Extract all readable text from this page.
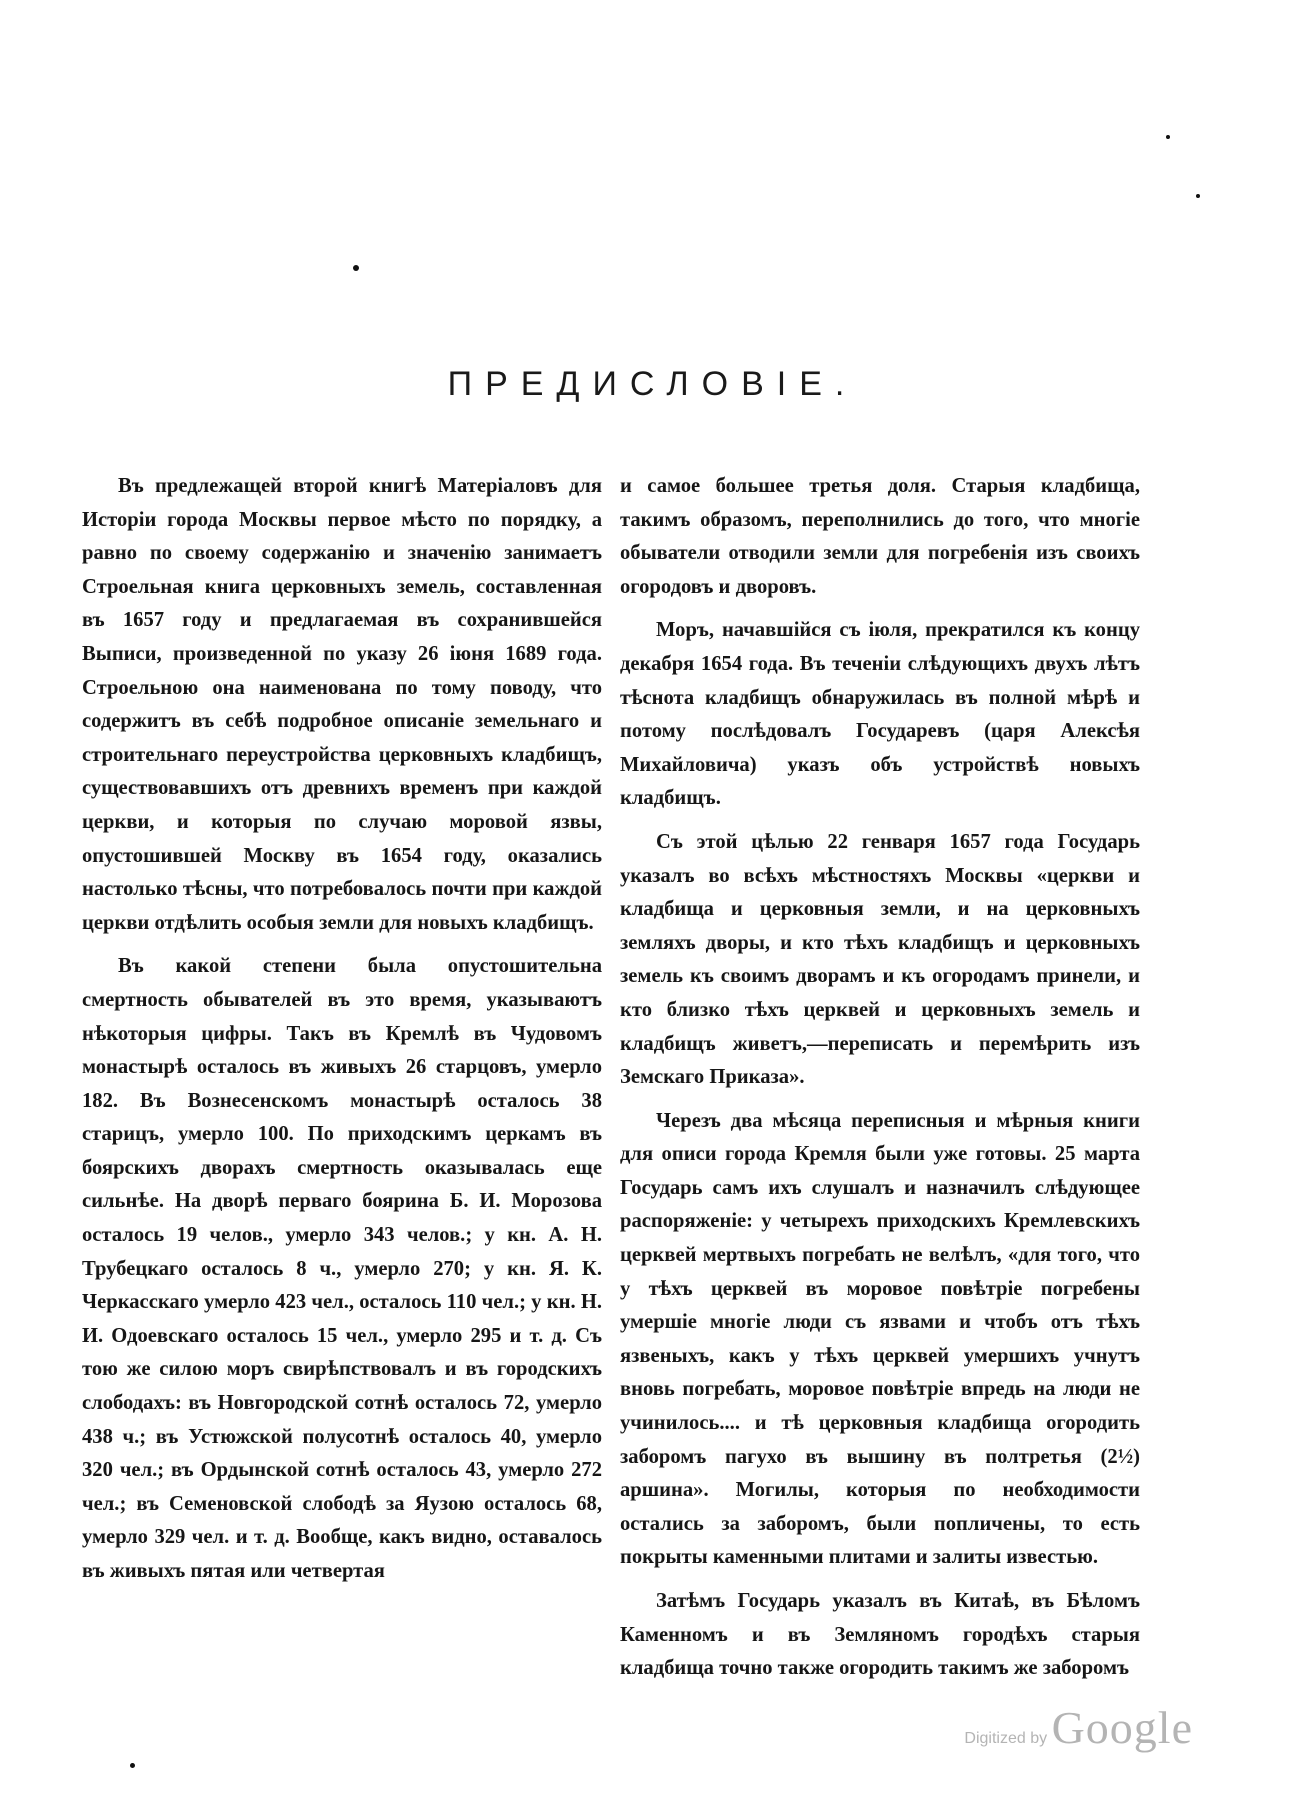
ПРЕДИСЛОВIЕ.

Въ предлежащей второй книгѣ Матеріаловъ для Исторіи города Москвы первое мѣсто по порядку, а равно по своему содержанію и значенію занимаетъ Строельная книга церковныхъ земель, составленная въ 1657 году и предлагаемая въ сохранившейся Выписи, произведенной по указу 26 іюня 1689 года. Строельною она наименована по тому поводу, что содержитъ въ себѣ подробное описаніе земельнаго и строительнаго переустройства церковныхъ кладбищъ, существовавшихъ отъ древнихъ временъ при каждой церкви, и которыя по случаю моровой язвы, опустошившей Москву въ 1654 году, оказались настолько тѣсны, что потребовалось почти при каждой церкви отдѣлить особыя земли для новыхъ кладбищъ.

Въ какой степени была опустошительна смертность обывателей въ это время, указываютъ нѣкоторыя цифры. Такъ въ Кремлѣ въ Чудовомъ монастырѣ осталось въ живыхъ 26 старцовъ, умерло 182. Въ Вознесенскомъ монастырѣ осталось 38 старицъ, умерло 100. По приходскимъ церкамъ въ боярскихъ дворахъ смертность оказывалась еще сильнѣе. На дворѣ перваго боярина Б. И. Морозова осталось 19 челов., умерло 343 челов.; у кн. А. Н. Трубецкаго осталось 8 ч., умерло 270; у кн. Я. К. Черкасскаго умерло 423 чел., осталось 110 чел.; у кн. Н. И. Одоевскаго осталось 15 чел., умерло 295 и т. д. Съ тою же силою моръ свирѣпствовалъ и въ городскихъ слободахъ: въ Новгородской сотнѣ осталось 72, умерло 438 ч.; въ Устюжской полусотнѣ осталось 40, умерло 320 чел.; въ Ордынской сотнѣ осталось 43, умерло 272 чел.; въ Семеновской слободѣ за Яузою осталось 68, умерло 329 чел. и т. д. Вообще, какъ видно, оставалось въ живыхъ пятая или четвертая

и самое большее третья доля. Старыя кладбища, такимъ образомъ, переполнились до того, что многіе обыватели отводили земли для погребенія изъ своихъ огородовъ и дворовъ.

Моръ, начавшійся съ іюля, прекратился къ концу декабря 1654 года. Въ теченіи слѣдующихъ двухъ лѣтъ тѣснота кладбищъ обнаружилась въ полной мѣрѣ и потому послѣдовалъ Государевъ (царя Алексѣя Михайловича) указъ объ устройствѣ новыхъ кладбищъ.

Съ этой цѣлью 22 генваря 1657 года Государь указалъ во всѣхъ мѣстностяхъ Москвы «церкви и кладбища и церковныя земли, и на церковныхъ земляхъ дворы, и кто тѣхъ кладбищъ и церковныхъ земель къ своимъ дворамъ и къ огородамъ принели, и кто близко тѣхъ церквей и церковныхъ земель и кладбищъ живетъ,—переписать и перемѣрить изъ Земскаго Приказа».

Черезъ два мѣсяца переписныя и мѣрныя книги для описи города Кремля были уже готовы. 25 марта Государь самъ ихъ слушалъ и назначилъ слѣдующее распоряженіе: у четырехъ приходскихъ Кремлевскихъ церквей мертвыхъ погребать не велѣлъ, «для того, что у тѣхъ церквей въ моровое повѣтріе погребены умершіе многіе люди съ язвами и чтобъ отъ тѣхъ язвеныхъ, какъ у тѣхъ церквей умершихъ учнутъ вновь погребать, моровое повѣтріе впредь на люди не учинилось.... и тѣ церковныя кладбища огородить заборомъ пагухо въ вышину въ полтретья (2½) аршина». Могилы, которыя по необходимости остались за заборомъ, были попличены, то есть покрыты каменными плитами и залиты известью.

Затѣмъ Государь указалъ въ Китаѣ, въ Бѣломъ Каменномъ и въ Земляномъ городѣхъ старыя кладбища точно также огородить такимъ же заборомъ

Digitized by Google
